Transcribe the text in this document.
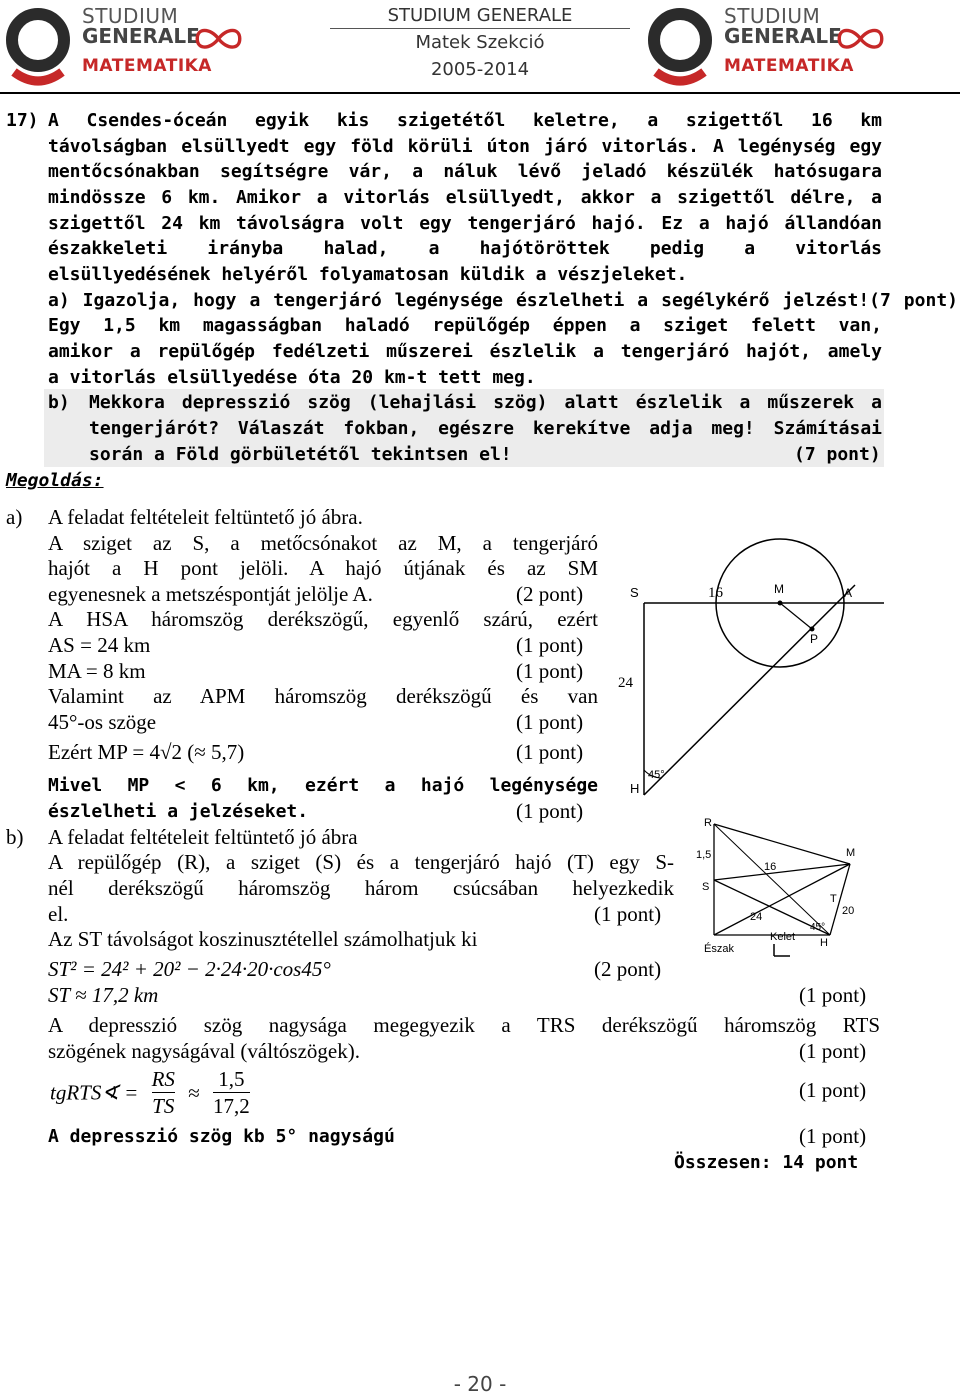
STUDIUM
GENERALE
MATEMATIKA
STUDIUM GENERALE
Matek Szekció
2005-2014
STUDIUM
GENERALE
MATEMATIKA
17) A Csendes-óceán egyik kis szigetétől keletre, a szigettől 16 km
távolságban elsüllyedt egy föld körüli úton járó vitorlás. A legénység egy
mentőcsónakban segítségre vár, a náluk lévő jeladó készülék hatósugara
mindössze 6 km. Amikor a vitorlás elsüllyedt, akkor a szigettől délre, a
szigettől 24 km távolságra volt egy tengerjáró hajó. Ez a hajó állandóan
északkeleti irányba halad, a hajótöröttek pedig a vitorlás
elsüllyedésének helyéről folyamatosan küldik a vészjeleket.
a) Igazolja, hogy a tengerjáró legénysége észlelheti a segélykérő jelzést!(7 pont)
Egy 1,5 km magasságban haladó repülőgép éppen a sziget felett van,
amikor a repülőgép fedélzeti műszerei észlelik a tengerjáró hajót, amely
a vitorlás elsüllyedése óta 20 km-t tett meg.
b) Mekkora depresszió szög (lehajlási szög) alatt észlelik a műszerek a
tengerjárót? Válaszát fokban, egészre kerekítve adja meg! Számításai
során a Föld görbületétől tekintsen el!	(7 pont)
Megoldás:
a) A feladat feltételeit feltüntető jó ábra.
A sziget az S, a metőcsónakot az M, a tengerjáró
hajót a H pont jelöli. A hajó útjának és az SM
egyenesnek a metszéspontját jelölje A.	(2 pont)
A HSA háromszög derékszögű, egyenlő szárú, ezért
AS = 24 km	(1 pont)
MA = 8 km	(1 pont)
Valamint az APM háromszög derékszögű és van
45°-os szöge	(1 pont)
Ezért MP = 4√2 (≈ 5,7)	(1 pont)
Mivel MP < 6 km, ezért a hajó legénysége
észlelheti a jelzéseket.	(1 pont)
S	16	M	A
P
24
45°
H
b) A feladat feltételeit feltüntető jó ábra
A repülőgép (R), a sziget (S) és a tengerjáró hajó (T) egy S-
nél derékszögű háromszög három csúcsában helyezkedik
el.	(1 pont)
Az ST távolságot koszinusztétellel számolhatjuk ki
ST² = 24² + 20² − 2·24·20·cos45°	(2 pont)
ST ≈ 17,2 km	(1 pont)
A depresszió szög nagysága megegyezik a TRS derékszögű háromszög RTS
szögének nagyságával (váltószögek).	(1 pont)
tgRTS∢ = $\frac{RS}{TS} \approx \frac{1,5}{17,2}$	(1 pont)
A depresszió szög kb 5° nagyságú	(1 pont)
Összesen: 14 pont
R
1,5
S
16
M
T
20
24
45°
H
Észak
Kelet
- 20 -
